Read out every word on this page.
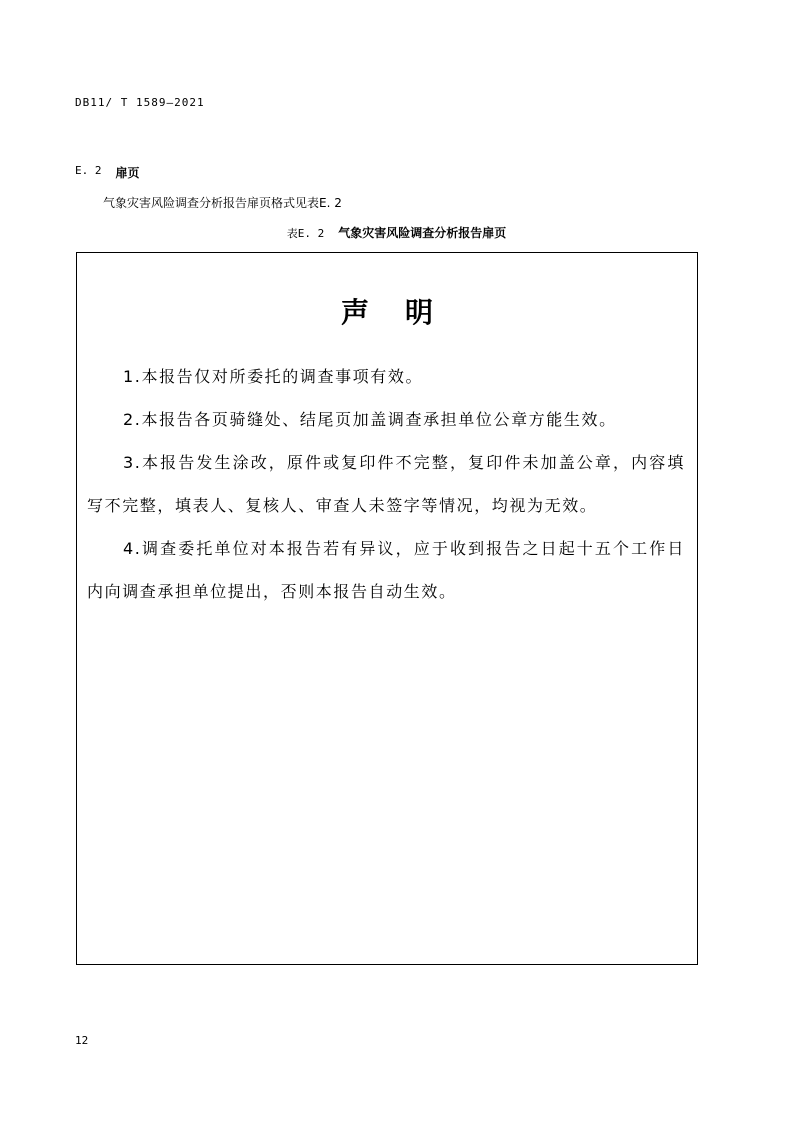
DB11/ T 1589—2021
E. 2 扉页
气象灾害风险调查分析报告扉页格式见表E. 2
表E. 2 气象灾害风险调查分析报告扉页
声明

1.本报告仅对所委托的调查事项有效。

2.本报告各页骑缝处、结尾页加盖调查承担单位公章方能生效。

3.本报告发生涂改，原件或复印件不完整，复印件未加盖公章，内容填写不完整，填表人、复核人、审查人未签字等情况，均视为无效。

4.调查委托单位对本报告若有异议，应于收到报告之日起十五个工作日内向调查承担单位提出，否则本报告自动生效。

12
